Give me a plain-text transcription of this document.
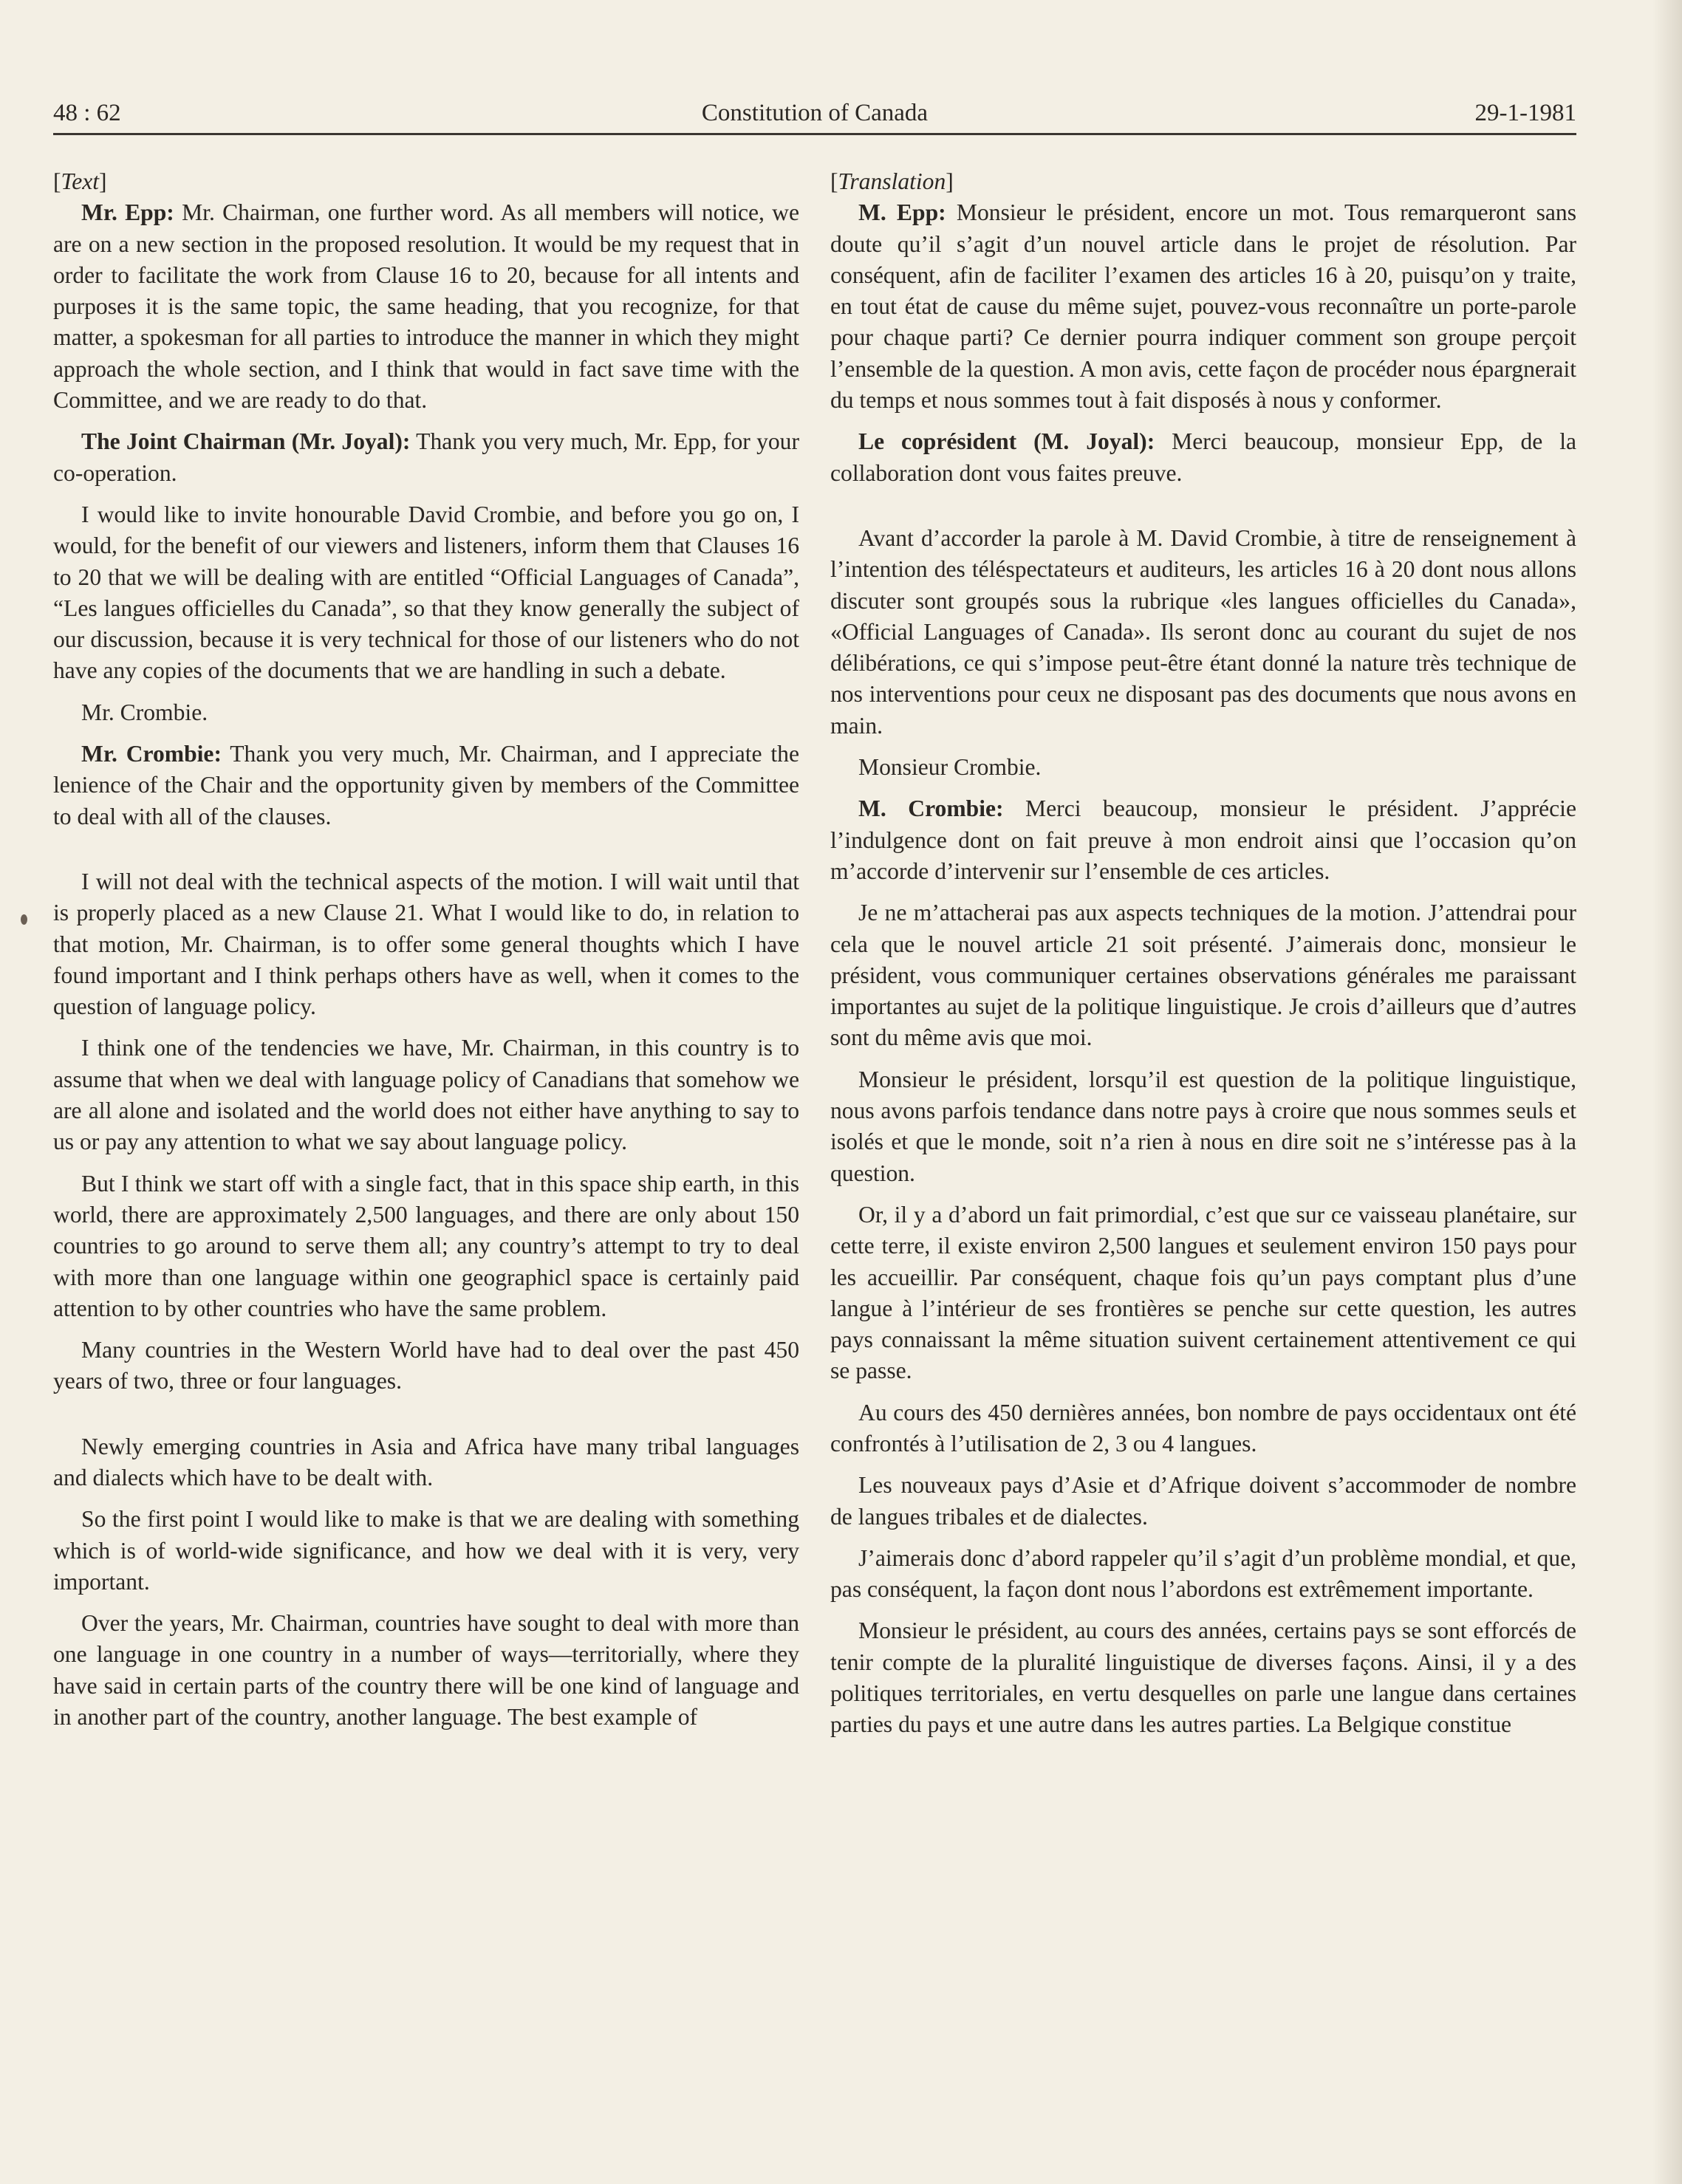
48 : 62	Constitution of Canada	29-1-1981

[Text]

Mr. Epp: Mr. Chairman, one further word. As all members will notice, we are on a new section in the proposed resolution. It would be my request that in order to facilitate the work from Clause 16 to 20, because for all intents and purposes it is the same topic, the same heading, that you recognize, for that matter, a spokesman for all parties to introduce the manner in which they might approach the whole section, and I think that would in fact save time with the Committee, and we are ready to do that.

The Joint Chairman (Mr. Joyal): Thank you very much, Mr. Epp, for your co-operation.

I would like to invite honourable David Crombie, and before you go on, I would, for the benefit of our viewers and listeners, inform them that Clauses 16 to 20 that we will be dealing with are entitled “Official Languages of Canada”, “Les langues officielles du Canada”, so that they know generally the subject of our discussion, because it is very technical for those of our listeners who do not have any copies of the documents that we are handling in such a debate.

Mr. Crombie.

Mr. Crombie: Thank you very much, Mr. Chairman, and I appreciate the lenience of the Chair and the opportunity given by members of the Committee to deal with all of the clauses.

I will not deal with the technical aspects of the motion. I will wait until that is properly placed as a new Clause 21. What I would like to do, in relation to that motion, Mr. Chairman, is to offer some general thoughts which I have found important and I think perhaps others have as well, when it comes to the question of language policy.

I think one of the tendencies we have, Mr. Chairman, in this country is to assume that when we deal with language policy of Canadians that somehow we are all alone and isolated and the world does not either have anything to say to us or pay any attention to what we say about language policy.

But I think we start off with a single fact, that in this space ship earth, in this world, there are approximately 2,500 languages, and there are only about 150 countries to go around to serve them all; any country’s attempt to try to deal with more than one language within one geographicl space is certainly paid attention to by other countries who have the same problem.

Many countries in the Western World have had to deal over the past 450 years of two, three or four languages.

Newly emerging countries in Asia and Africa have many tribal languages and dialects which have to be dealt with.

So the first point I would like to make is that we are dealing with something which is of world-wide significance, and how we deal with it is very, very important.

Over the years, Mr. Chairman, countries have sought to deal with more than one language in one country in a number of ways—territorially, where they have said in certain parts of the country there will be one kind of language and in another part of the country, another language. The best example of

[Translation]

M. Epp: Monsieur le président, encore un mot. Tous remarqueront sans doute qu’il s’agit d’un nouvel article dans le projet de résolution. Par conséquent, afin de faciliter l’examen des articles 16 à 20, puisqu’on y traite, en tout état de cause du même sujet, pouvez-vous reconnaître un porte-parole pour chaque parti? Ce dernier pourra indiquer comment son groupe perçoit l’ensemble de la question. A mon avis, cette façon de procéder nous épargnerait du temps et nous sommes tout à fait disposés à nous y conformer.

Le coprésident (M. Joyal): Merci beaucoup, monsieur Epp, de la collaboration dont vous faites preuve.

Avant d’accorder la parole à M. David Crombie, à titre de renseignement à l’intention des téléspectateurs et auditeurs, les articles 16 à 20 dont nous allons discuter sont groupés sous la rubrique «les langues officielles du Canada», «Official Languages of Canada». Ils seront donc au courant du sujet de nos délibérations, ce qui s’impose peut-être étant donné la nature très technique de nos interventions pour ceux ne disposant pas des documents que nous avons en main.

Monsieur Crombie.

M. Crombie: Merci beaucoup, monsieur le président. J’apprécie l’indulgence dont on fait preuve à mon endroit ainsi que l’occasion qu’on m’accorde d’intervenir sur l’ensemble de ces articles.

Je ne m’attacherai pas aux aspects techniques de la motion. J’attendrai pour cela que le nouvel article 21 soit présenté. J’aimerais donc, monsieur le président, vous communiquer certaines observations générales me paraissant importantes au sujet de la politique linguistique. Je crois d’ailleurs que d’autres sont du même avis que moi.

Monsieur le président, lorsqu’il est question de la politique linguistique, nous avons parfois tendance dans notre pays à croire que nous sommes seuls et isolés et que le monde, soit n’a rien à nous en dire soit ne s’intéresse pas à la question.

Or, il y a d’abord un fait primordial, c’est que sur ce vaisseau planétaire, sur cette terre, il existe environ 2,500 langues et seulement environ 150 pays pour les accueillir. Par conséquent, chaque fois qu’un pays comptant plus d’une langue à l’intérieur de ses frontières se penche sur cette question, les autres pays connaissant la même situation suivent certainement attentivement ce qui se passe.

Au cours des 450 dernières années, bon nombre de pays occidentaux ont été confrontés à l’utilisation de 2, 3 ou 4 langues.

Les nouveaux pays d’Asie et d’Afrique doivent s’accommoder de nombre de langues tribales et de dialectes.

J’aimerais donc d’abord rappeler qu’il s’agit d’un problème mondial, et que, pas conséquent, la façon dont nous l’abordons est extrêmement importante.

Monsieur le président, au cours des années, certains pays se sont efforcés de tenir compte de la pluralité linguistique de diverses façons. Ainsi, il y a des politiques territoriales, en vertu desquelles on parle une langue dans certaines parties du pays et une autre dans les autres parties. La Belgique constitue
